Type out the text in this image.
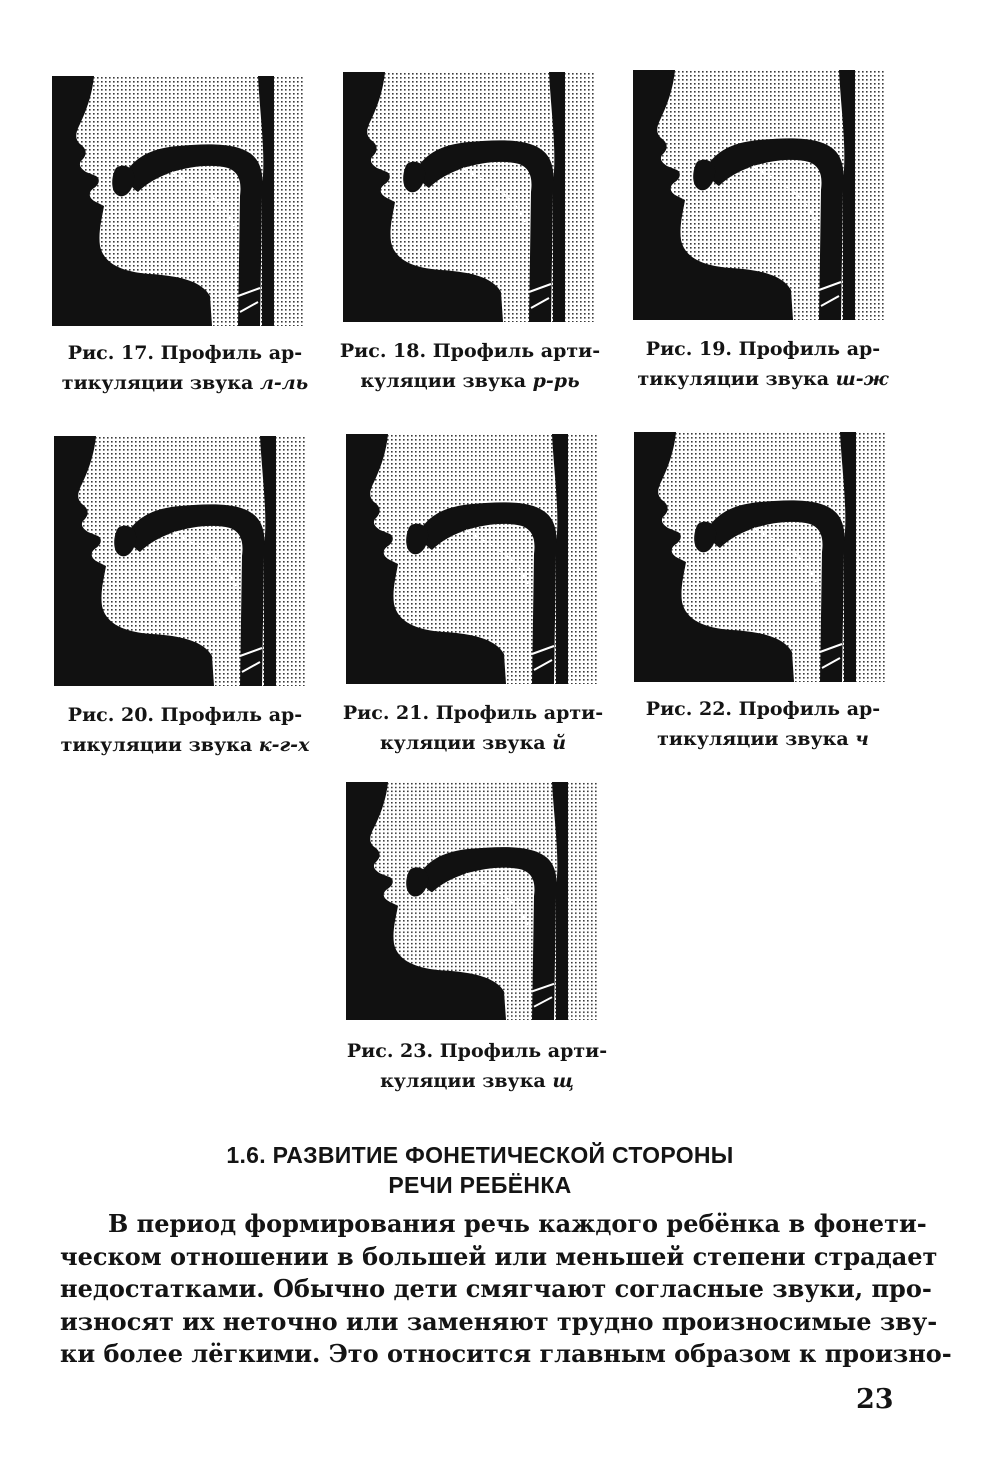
Рис. 17. Профиль ар-
тикуляции звука л-ль
Рис. 18. Профиль арти-
куляции звука р-рь
Рис. 19. Профиль ар-
тикуляции звука ш-ж
Рис. 20. Профиль ар-
тикуляции звука к-г-х
Рис. 21. Профиль арти-
куляции звука й
Рис. 22. Профиль ар-
тикуляции звука ч
Рис. 23. Профиль арти-
куляции звука щ
1.6. РАЗВИТИЕ ФОНЕТИЧЕСКОЙ СТОРОНЫ
РЕЧИ РЕБЁНКА
В период формирования речь каждого ребёнка в фонети-
ческом отношении в большей или меньшей степени страдает
недостатками. Обычно дети смягчают согласные звуки, про-
износят их неточно или заменяют трудно произносимые зву-
ки более лёгкими. Это относится главным образом к произно-
23
